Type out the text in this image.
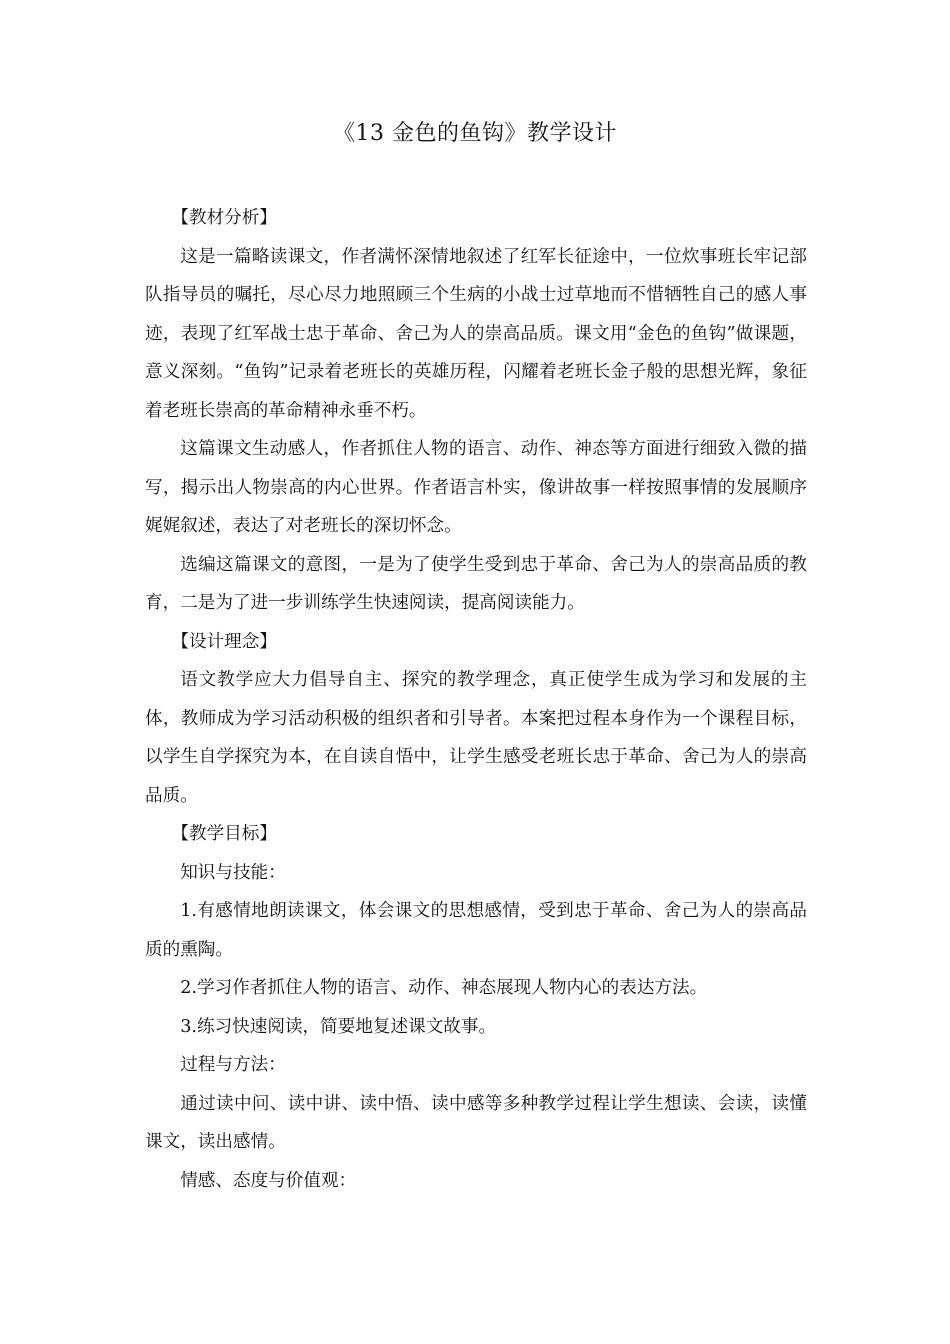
《13 金色的鱼钩》教学设计

【教材分析】

这是一篇略读课文，作者满怀深情地叙述了红军长征途中，一位炊事班长牢记部队指导员的嘱托，尽心尽力地照顾三个生病的小战士过草地而不惜牺牲自己的感人事迹，表现了红军战士忠于革命、舍己为人的崇高品质。课文用“金色的鱼钩”做课题，意义深刻。“鱼钩”记录着老班长的英雄历程，闪耀着老班长金子般的思想光辉，象征着老班长崇高的革命精神永垂不朽。

这篇课文生动感人，作者抓住人物的语言、动作、神态等方面进行细致入微的描写，揭示出人物崇高的内心世界。作者语言朴实，像讲故事一样按照事情的发展顺序娓娓叙述，表达了对老班长的深切怀念。

选编这篇课文的意图，一是为了使学生受到忠于革命、舍己为人的崇高品质的教育，二是为了进一步训练学生快速阅读，提高阅读能力。

【设计理念】

语文教学应大力倡导自主、探究的教学理念，真正使学生成为学习和发展的主体，教师成为学习活动积极的组织者和引导者。本案把过程本身作为一个课程目标，以学生自学探究为本，在自读自悟中，让学生感受老班长忠于革命、舍己为人的崇高品质。

【教学目标】

知识与技能：

1.有感情地朗读课文，体会课文的思想感情，受到忠于革命、舍己为人的崇高品质的熏陶。

2.学习作者抓住人物的语言、动作、神态展现人物内心的表达方法。

3.练习快速阅读，简要地复述课文故事。

过程与方法：

通过读中问、读中讲、读中悟、读中感等多种教学过程让学生想读、会读，读懂课文，读出感情。

情感、态度与价值观：
